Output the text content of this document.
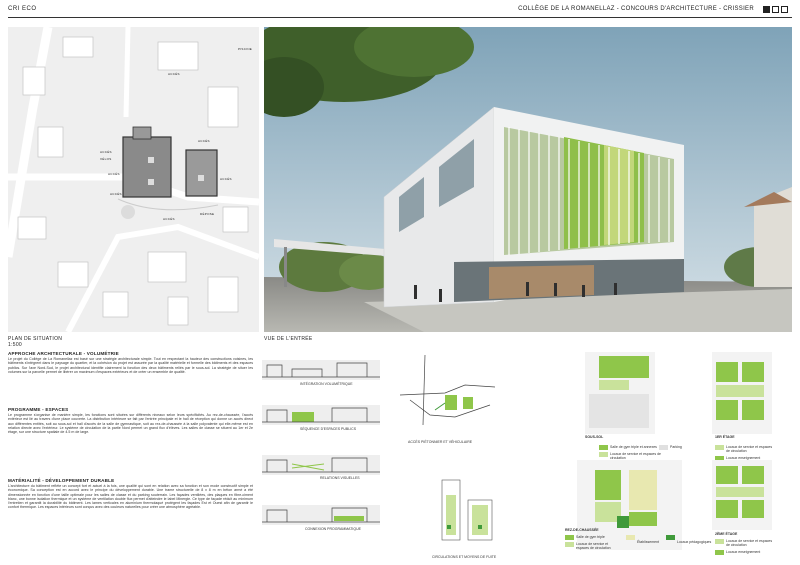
CRI ECO	COLLÈGE DE LA ROMANELLAZ - CONCOURS D'ARCHITECTURE - CRISSIER
ACCÈS
VÉLOS
ACCÈS
ACCÈS
ACCÈS
ACCÈS
DÉPOSE
ACCÈS
PISCINE
ACCÈS
PLAN DE SITUATION
1:500
VUE DE L'ENTRÉE
APPROCHE ARCHITECTURALE - VOLUMÉTRIE
Le projet du Collège de La Romanellaz est basé sur une stratégie architecturale simple. Tout en respectant la hauteur des constructions voisines, les bâtiments s'intègrent dans le paysage du quartier, et la cohésion du projet est assurée par la qualité matérielle et formelle des bâtiments et des espaces publics. Sur l'axe Nord-Sud, le projet architectural identifie clairement la fonction des deux bâtiments reliés par le sous-sol. La stratégie de situer les volumes sur la parcelle permet de libérer un maximum d'espaces extérieurs et de créer un ensemble de qualité.
PROGRAMME - ESPACES
Le programme s'organise de manière simple, les fonctions sont situées sur différents niveaux selon leurs spécificités. Au rez-de-chaussée, l'accès extérieur est lié au travers d'une place couverte. La distribution intérieure se fait par l'entrée principale et le hall de réception qui donne un accès direct aux différentes entités, soit au sous-sol et hall d'accès de la salle de gymnastique, soit au rez-de-chaussée à la salle polyvalente qui elle-même est en relation directe avec l'extérieur. Le système de circulation de la partie Nord permet un grand flux d'élèves. Les salles de classe se situent au 1er et 2e étage, sur une structure spatiale de 4.5 m de large.
MATÉRIALITÉ - DÉVELOPPEMENT DURABLE
L'architecture du bâtiment reflète un concept fort et actuel à la fois, une qualité qui sont en relation avec sa fonction et son mode constructif simple et économique. Sa conception est en accord avec le principe du développement durable. Une trame structurelle de 8 x 8 m en béton armé a été dimensionnée en fonction d'une taille optimale pour les salles de classe et du parking souterrain. Les façades ventilées, des plaques en fibre-ciment blanc, une bonne isolation thermique et un système de ventilation double flux permet d'atteindre le label Minergie. Ce type de façade réduit au minimum l'entretien et garantit la durabilité du bâtiment. Les lames verticales en aluminium thermolaqué protègent les façades Est et Ouest afin de garantir le confort thermique. Les espaces intérieurs sont conçus avec des couleurs naturelles pour créer une atmosphère agréable.
INTÉGRATION VOLUMÉTRIQUE
SÉQUENCE D'ESPACES PUBLICS
RELATIONS VISUELLES
CONNEXION PROGRAMMATIQUE
ACCÈS PIÉTONNIER ET VÉHICULAIRE
CIRCULATIONS ET MOYENS DE FUITE
SOUS-SOL
Salle de gym triple et annexes
Locaux de service et espaces de circulation
Parking
1ER ÉTAGE
Locaux de service et espaces de circulation
Locaux enseignement
REZ-DE-CHAUSSÉE
Salle de gym triple
Locaux de service et espaces de circulation
Établissement	Locaux pédagogiques
2ÈME ÉTAGE
Locaux de service et espaces de circulation
Locaux enseignement
